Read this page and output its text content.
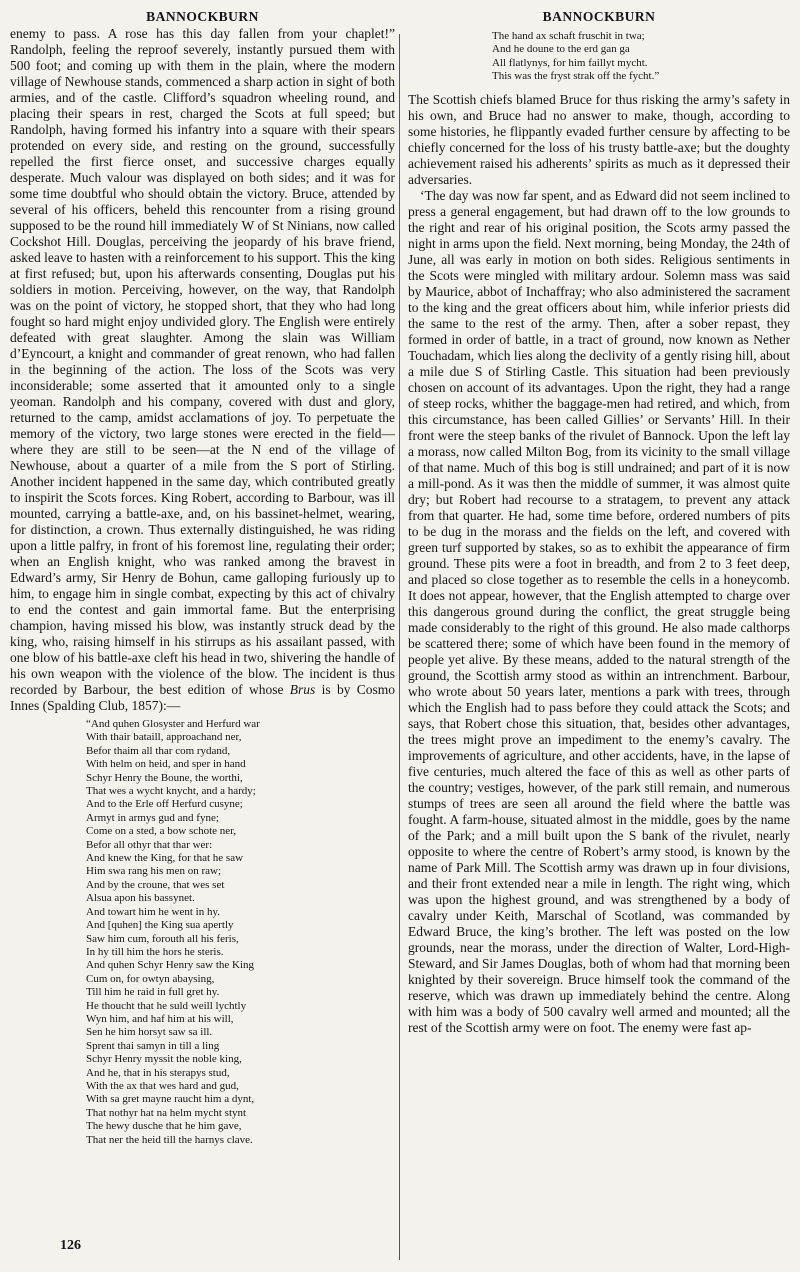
BANNOCKBURN

enemy to pass. A rose has this day fallen from your chaplet!” Randolph, feeling the reproof severely, instantly pursued them with 500 foot; and coming up with them in the plain, where the modern village of Newhouse stands, commenced a sharp action in sight of both armies, and of the castle. Clifford’s squadron wheeling round, and placing their spears in rest, charged the Scots at full speed; but Randolph, having formed his infantry into a square with their spears protended on every side, and resting on the ground, successfully repelled the first fierce onset, and successive charges equally desperate. Much valour was displayed on both sides; and it was for some time doubtful who should obtain the victory. Bruce, attended by several of his officers, beheld this rencounter from a rising ground supposed to be the round hill immediately W of St Ninians, now called Cockshot Hill. Douglas, perceiving the jeopardy of his brave friend, asked leave to hasten with a reinforcement to his support. This the king at first refused; but, upon his afterwards consenting, Douglas put his soldiers in motion. Perceiving, however, on the way, that Randolph was on the point of victory, he stopped short, that they who had long fought so hard might enjoy undivided glory. The English were entirely defeated with great slaughter. Among the slain was William d’Eyncourt, a knight and commander of great renown, who had fallen in the beginning of the action. The loss of the Scots was very inconsiderable; some asserted that it amounted only to a single yeoman. Randolph and his company, covered with dust and glory, returned to the camp, amidst acclamations of joy. To perpetuate the memory of the victory, two large stones were erected in the field—where they are still to be seen—at the N end of the village of Newhouse, about a quarter of a mile from the S port of Stirling. Another incident happened in the same day, which contributed greatly to inspirit the Scots forces. King Robert, according to Barbour, was ill mounted, carrying a battle-axe, and, on his bassinet-helmet, wearing, for distinction, a crown. Thus externally distinguished, he was riding upon a little palfry, in front of his foremost line, regulating their order; when an English knight, who was ranked among the bravest in Edward’s army, Sir Henry de Bohun, came galloping furiously up to him, to engage him in single combat, expecting by this act of chivalry to end the contest and gain immortal fame. But the enterprising champion, having missed his blow, was instantly struck dead by the king, who, raising himself in his stirrups as his assailant passed, with one blow of his battle-axe cleft his head in two, shivering the handle of his own weapon with the violence of the blow. The incident is thus recorded by Barbour, the best edition of whose Brus is by Cosmo Innes (Spalding Club, 1857):—

“And quhen Glosyster and Herfurd war
With thair bataill, approachand ner,
Befor thaim all thar com rydand,
With helm on heid, and sper in hand
Schyr Henry the Boune, the worthi,
That wes a wycht knycht, and a hardy;
And to the Erle off Herfurd cusyne;
Armyt in armys gud and fyne;
Come on a sted, a bow schote ner,
Befor all othyr that thar wer:
And knew the King, for that he saw
Him swa rang his men on raw;
And by the croune, that wes set
Alsua apon his bassynet.
And towart him he went in hy.
And [quhen] the King sua apertly
Saw him cum, forouth all his feris,
In hy till him the hors he steris.
And quhen Schyr Henry saw the King
Cum on, for owtyn abaysing,
Till him he raid in full gret hy.
He thoucht that he suld weill lychtly
Wyn him, and haf him at his will,
Sen he him horsyt saw sa ill.
Sprent thai samyn in till a ling
Schyr Henry myssit the noble king,
And he, that in his sterapys stud,
With the ax that wes hard and gud,
With sa gret mayne raucht him a dynt,
That nothyr hat na helm mycht stynt
The hewy dusche that he him gave,
That ner the heid till the harnys clave.
BANNOCKBURN
The hand ax schaft fruschit in twa;
And he doune to the erd gan ga
All flatlynys, for him faillyt mycht.
This was the fryst strak off the fycht.”

The Scottish chiefs blamed Bruce for thus risking the army’s safety in his own, and Bruce had no answer to make, though, according to some histories, he flippantly evaded further censure by affecting to be chiefly concerned for the loss of his trusty battle-axe; but the doughty achievement raised his adherents’ spirits as much as it depressed their adversaries.

‘The day was now far spent, and as Edward did not seem inclined to press a general engagement, but had drawn off to the low grounds to the right and rear of his original position, the Scots army passed the night in arms upon the field. Next morning, being Monday, the 24th of June, all was early in motion on both sides. Religious sentiments in the Scots were mingled with military ardour. Solemn mass was said by Maurice, abbot of Inchaffray; who also administered the sacrament to the king and the great officers about him, while inferior priests did the same to the rest of the army. Then, after a sober repast, they formed in order of battle, in a tract of ground, now known as Nether Touchadam, which lies along the declivity of a gently rising hill, about a mile due S of Stirling Castle. This situation had been previously chosen on account of its advantages. Upon the right, they had a range of steep rocks, whither the baggage-men had retired, and which, from this circumstance, has been called Gillies’ or Servants’ Hill. In their front were the steep banks of the rivulet of Bannock. Upon the left lay a morass, now called Milton Bog, from its vicinity to the small village of that name. Much of this bog is still undrained; and part of it is now a mill-pond. As it was then the middle of summer, it was almost quite dry; but Robert had recourse to a stratagem, to prevent any attack from that quarter. He had, some time before, ordered numbers of pits to be dug in the morass and the fields on the left, and covered with green turf supported by stakes, so as to exhibit the appearance of firm ground. These pits were a foot in breadth, and from 2 to 3 feet deep, and placed so close together as to resemble the cells in a honeycomb. It does not appear, however, that the English attempted to charge over this dangerous ground during the conflict, the great struggle being made considerably to the right of this ground. He also made calthorps be scattered there; some of which have been found in the memory of people yet alive. By these means, added to the natural strength of the ground, the Scottish army stood as within an intrenchment. Barbour, who wrote about 50 years later, mentions a park with trees, through which the English had to pass before they could attack the Scots; and says, that Robert chose this situation, that, besides other advantages, the trees might prove an impediment to the enemy’s cavalry. The improvements of agriculture, and other accidents, have, in the lapse of five centuries, much altered the face of this as well as other parts of the country; vestiges, however, of the park still remain, and numerous stumps of trees are seen all around the field where the battle was fought. A farm-house, situated almost in the middle, goes by the name of the Park; and a mill built upon the S bank of the rivulet, nearly opposite to where the centre of Robert’s army stood, is known by the name of Park Mill. The Scottish army was drawn up in four divisions, and their front extended near a mile in length. The right wing, which was upon the highest ground, and was strengthened by a body of cavalry under Keith, Marschal of Scotland, was commanded by Edward Bruce, the king’s brother. The left was posted on the low grounds, near the morass, under the direction of Walter, Lord-High-Steward, and Sir James Douglas, both of whom had that morning been knighted by their sovereign. Bruce himself took the command of the reserve, which was drawn up immediately behind the centre. Along with him was a body of 500 cavalry well armed and mounted; all the rest of the Scottish army were on foot. The enemy were fast ap-

126
